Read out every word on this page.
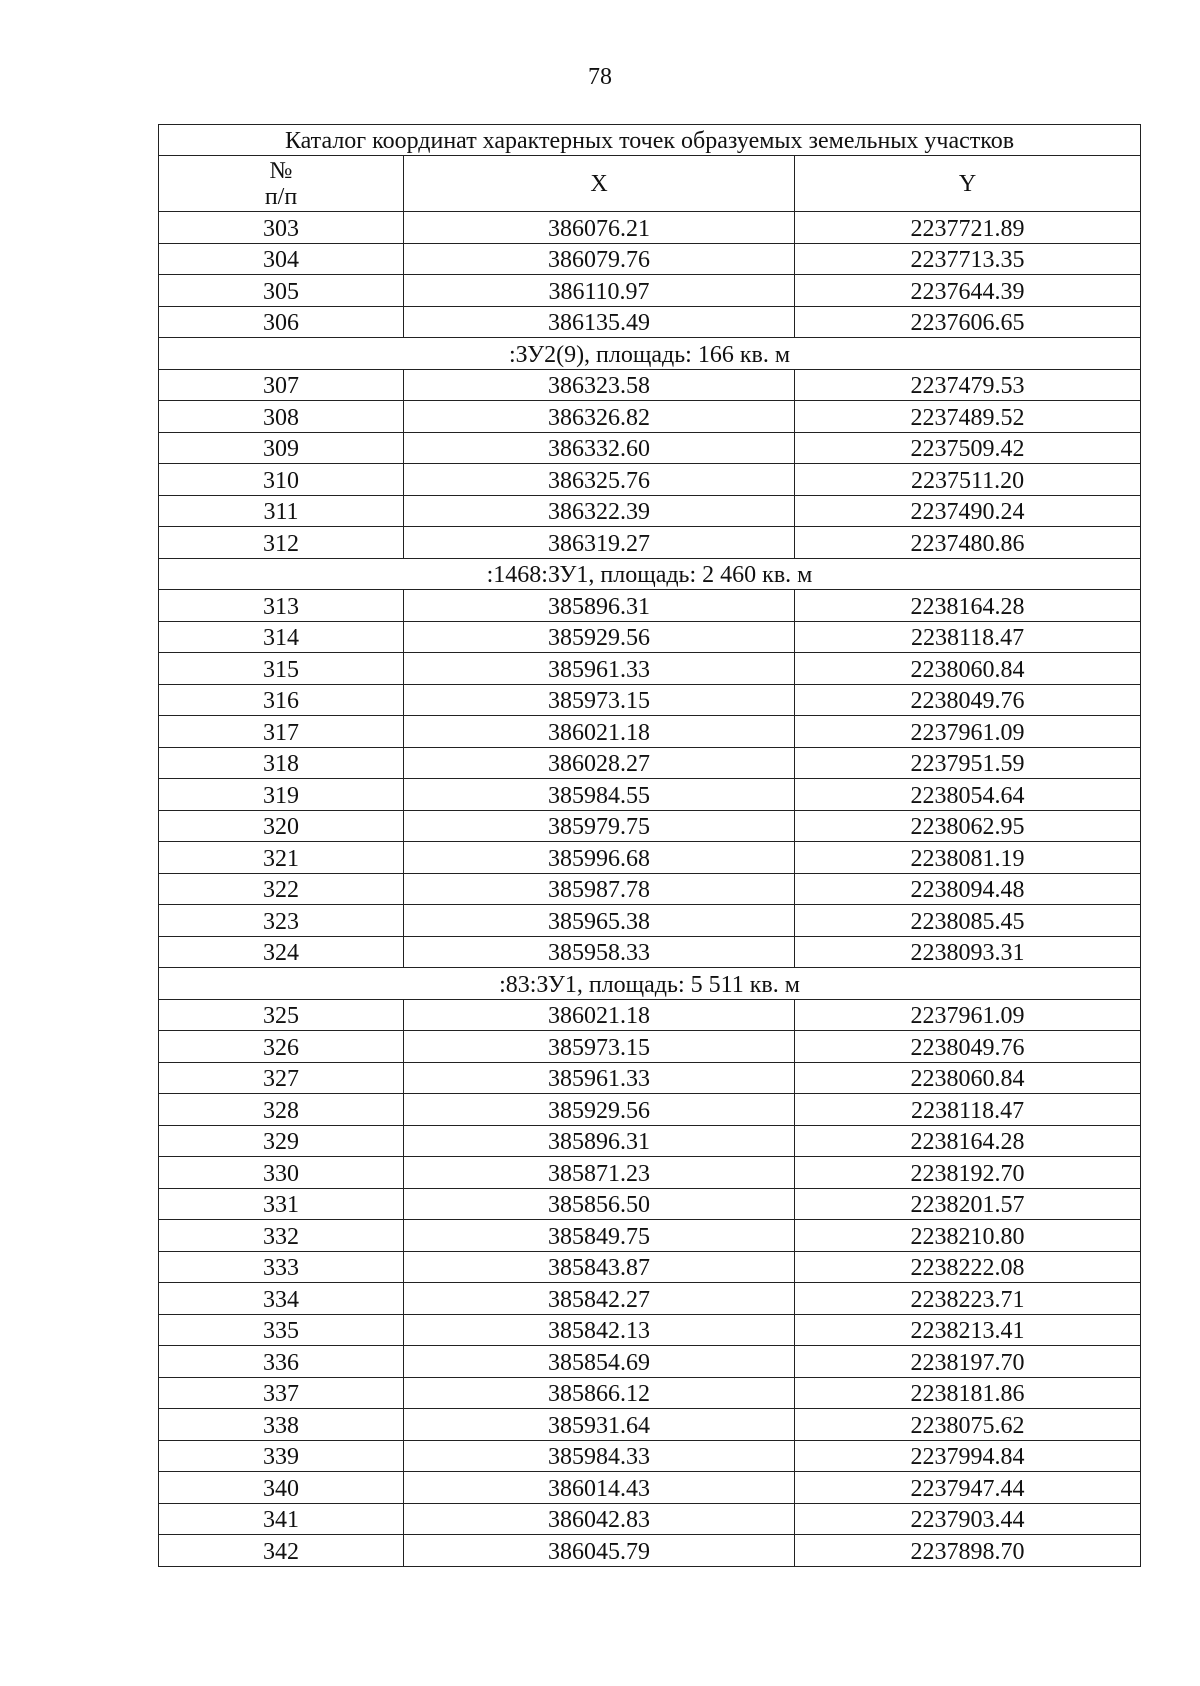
78
Каталог координат характерных точек образуемых земельных участков		
№
п/п	X	Y
303	386076.21	2237721.89
304	386079.76	2237713.35
305	386110.97	2237644.39
306	386135.49	2237606.65
:ЗУ2(9), площадь: 166 кв. м		
307	386323.58	2237479.53
308	386326.82	2237489.52
309	386332.60	2237509.42
310	386325.76	2237511.20
311	386322.39	2237490.24
312	386319.27	2237480.86
:1468:ЗУ1, площадь: 2 460 кв. м		
313	385896.31	2238164.28
314	385929.56	2238118.47
315	385961.33	2238060.84
316	385973.15	2238049.76
317	386021.18	2237961.09
318	386028.27	2237951.59
319	385984.55	2238054.64
320	385979.75	2238062.95
321	385996.68	2238081.19
322	385987.78	2238094.48
323	385965.38	2238085.45
324	385958.33	2238093.31
:83:ЗУ1, площадь: 5 511 кв. м		
325	386021.18	2237961.09
326	385973.15	2238049.76
327	385961.33	2238060.84
328	385929.56	2238118.47
329	385896.31	2238164.28
330	385871.23	2238192.70
331	385856.50	2238201.57
332	385849.75	2238210.80
333	385843.87	2238222.08
334	385842.27	2238223.71
335	385842.13	2238213.41
336	385854.69	2238197.70
337	385866.12	2238181.86
338	385931.64	2238075.62
339	385984.33	2237994.84
340	386014.43	2237947.44
341	386042.83	2237903.44
342	386045.79	2237898.70
